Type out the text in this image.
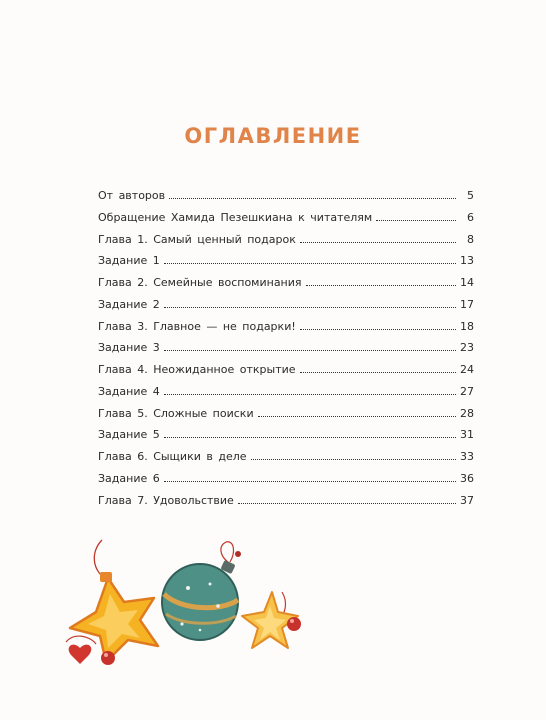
ОГЛАВЛЕНИЕ
От авторов	5
Обращение Хамида Пезешкиана к читателям	6
Глава 1. Самый ценный подарок	8
Задание 1	13
Глава 2. Семейные воспоминания	14
Задание 2	17
Глава 3. Главное — не подарки!	18
Задание 3	23
Глава 4. Неожиданное открытие	24
Задание 4	27
Глава 5. Сложные поиски	28
Задание 5	31
Глава 6. Сыщики в деле	33
Задание 6	36
Глава 7. Удовольствие	37
